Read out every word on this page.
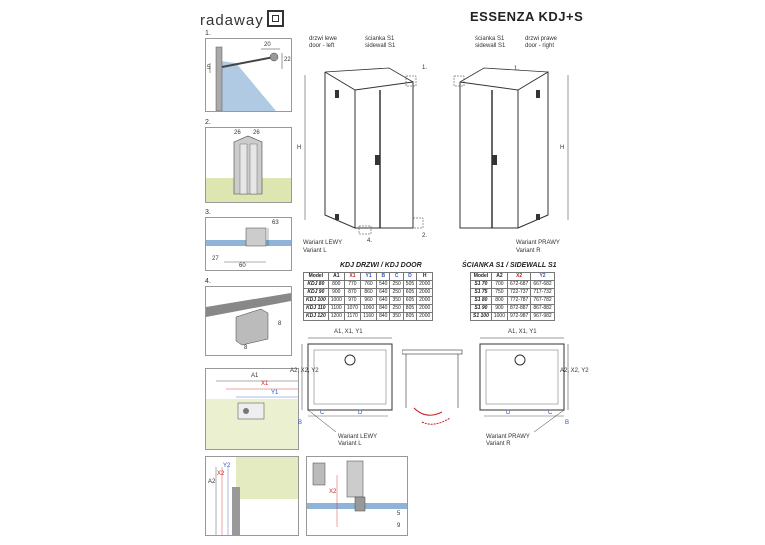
radaway	ESSENZA KDJ+S
1.
20
22
5
2.
26 26
3.
63
27
60
4.
8
8
A1
X1
Y1
A2
X2
Y2
X2
5
9
drzwi lewe
door - left
ścianka S1
sidewall S1
H
1.
2.
4.
Wariant LEWY
Variant L
ścianka S1
sidewall S1
drzwi prawe
door - right
H
1.
Wariant PRAWY
Variant R
KDJ DRZWI / KDJ DOOR
Model	A1	X1	Y1	B	C	D	H
KDJ 80	800	770	760	540	250	505	2000
KDJ 90	900	870	860	640	250	605	2000
KDJ 100	1000	970	960	640	350	605	2000
KDJ 110	1100	1070	1060	840	250	805	2000
KDJ 120	1200	1170	1160	840	350	805	2000
ŚCIANKA S1 / SIDEWALL S1
Model	A2	X2	Y2
S1 70	700	672-687	667-682
S1 75	750	722-737	717-732
S1 80	800	772-787	767-782
S1 90	900	872-887	867-882
S1 100	1000	972-987	967-982
A1, X1, Y1
A2, X2, Y2
C	D
B
Wariant LEWY
Variant L
A1, X1, Y1
A2, X2, Y2
D	C
B
Wariant PRAWY
Variant R
